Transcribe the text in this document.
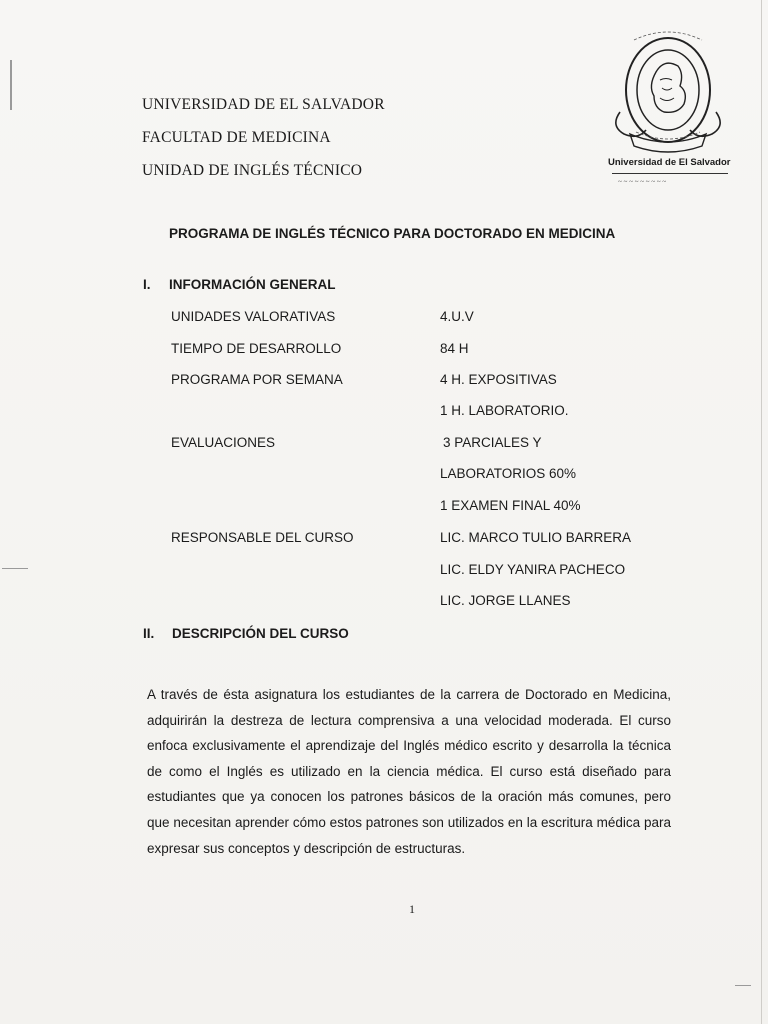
UNIVERSIDAD DE EL SALVADOR
FACULTAD DE MEDICINA
UNIDAD DE INGLÉS TÉCNICO	Universidad de El Salvador
~ ~ ~ ~ ~ ~ ~ ~ ~
PROGRAMA DE INGLÉS TÉCNICO PARA DOCTORADO EN MEDICINA
I. INFORMACIÓN GENERAL
UNIDADES VALORATIVAS	4.U.V
TIEMPO DE DESARROLLO	84 H
PROGRAMA POR SEMANA	4 H. EXPOSITIVAS
1 H. LABORATORIO.
EVALUACIONES	3 PARCIALES Y
LABORATORIOS 60%
1 EXAMEN FINAL 40%
RESPONSABLE DEL CURSO	LIC. MARCO TULIO BARRERA
LIC. ELDY YANIRA PACHECO
LIC. JORGE LLANES
II. DESCRIPCIÓN DEL CURSO
A través de ésta asignatura los estudiantes de la carrera de Doctorado en Medicina, adquirirán la destreza de lectura comprensiva a una velocidad moderada. El curso enfoca exclusivamente el aprendizaje del Inglés médico escrito y desarrolla la técnica de como el Inglés es utilizado en la ciencia médica. El curso está diseñado para estudiantes que ya conocen los patrones básicos de la oración más comunes, pero que necesitan aprender cómo estos patrones son utilizados en la escritura médica para expresar sus conceptos y descripción de estructuras.
1
